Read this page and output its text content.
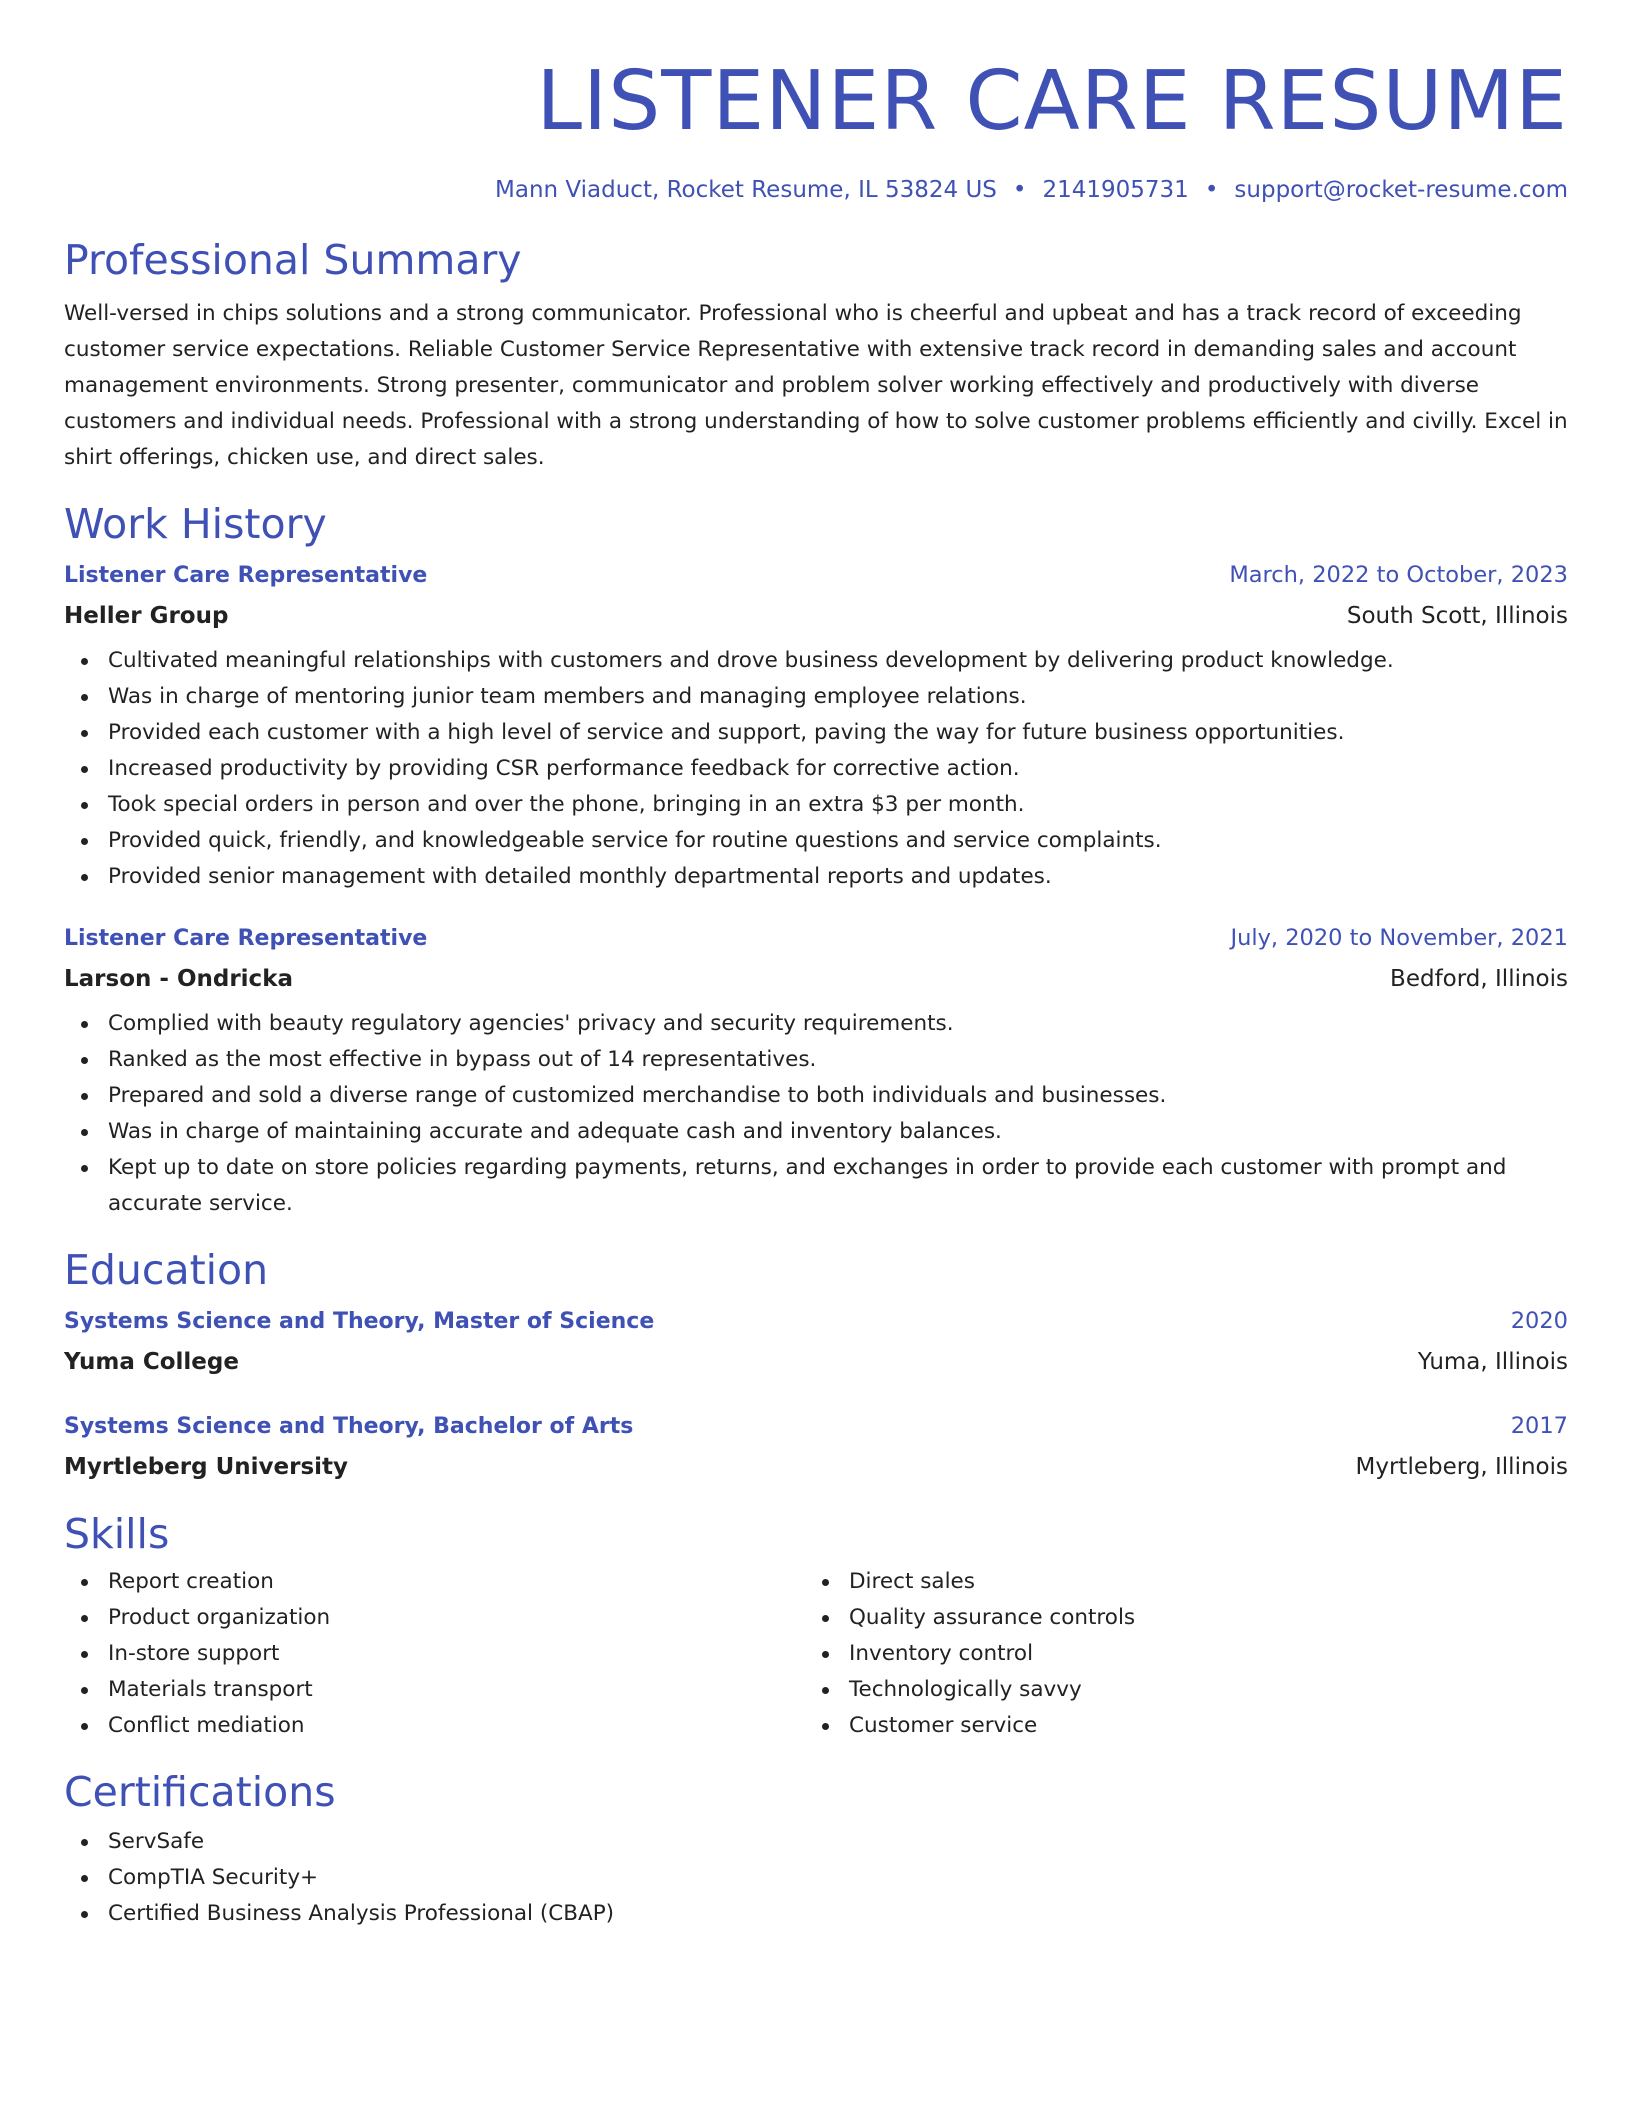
LISTENER CARE RESUME
Mann Viaduct, Rocket Resume, IL 53824 US • 2141905731 • support@rocket-resume.com
Professional Summary

Well-versed in chips solutions and a strong communicator. Professional who is cheerful and upbeat and has a track record of exceeding customer service expectations. Reliable Customer Service Representative with extensive track record in demanding sales and account management environments. Strong presenter, communicator and problem solver working effectively and productively with diverse customers and individual needs. Professional with a strong understanding of how to solve customer problems efficiently and civilly. Excel in shirt offerings, chicken use, and direct sales.

Work History
Listener Care Representative	March, 2022 to October, 2023
Heller Group	South Scott, Illinois
Cultivated meaningful relationships with customers and drove business development by delivering product knowledge.
Was in charge of mentoring junior team members and managing employee relations.
Provided each customer with a high level of service and support, paving the way for future business opportunities.
Increased productivity by providing CSR performance feedback for corrective action.
Took special orders in person and over the phone, bringing in an extra $3 per month.
Provided quick, friendly, and knowledgeable service for routine questions and service complaints.
Provided senior management with detailed monthly departmental reports and updates.
Listener Care Representative	July, 2020 to November, 2021
Larson - Ondricka	Bedford, Illinois
Complied with beauty regulatory agencies' privacy and security requirements.
Ranked as the most effective in bypass out of 14 representatives.
Prepared and sold a diverse range of customized merchandise to both individuals and businesses.
Was in charge of maintaining accurate and adequate cash and inventory balances.
Kept up to date on store policies regarding payments, returns, and exchanges in order to provide each customer with prompt and accurate service.
Education
Systems Science and Theory, Master of Science	2020
Yuma College	Yuma, Illinois
Systems Science and Theory, Bachelor of Arts	2017
Myrtleberg University	Myrtleberg, Illinois
Skills
Report creation
Product organization
In-store support
Materials transport
Conflict mediation
Direct sales
Quality assurance controls
Inventory control
Technologically savvy
Customer service
Certifications
ServSafe
CompTIA Security+
Certified Business Analysis Professional (CBAP)
